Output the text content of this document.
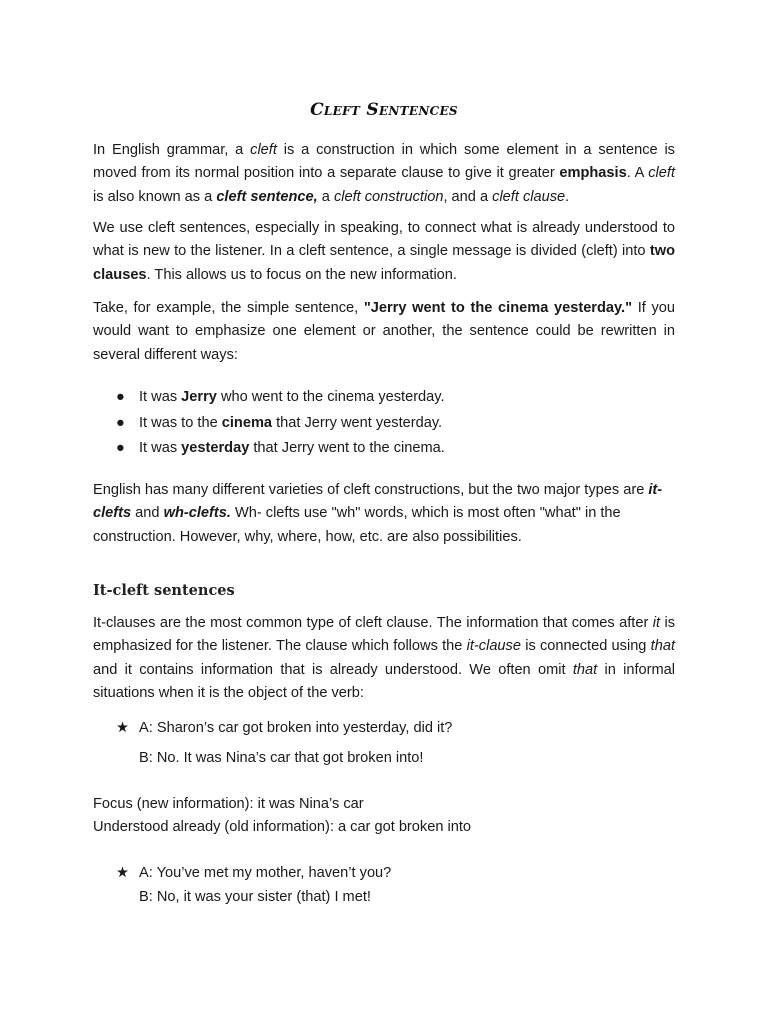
Cleft Sentences
In English grammar, a cleft is a construction in which some element in a sentence is moved from its normal position into a separate clause to give it greater emphasis. A cleft is also known as a cleft sentence, a cleft construction, and a cleft clause.
We use cleft sentences, especially in speaking, to connect what is already understood to what is new to the listener. In a cleft sentence, a single message is divided (cleft) into two clauses. This allows us to focus on the new information.
Take, for example, the simple sentence, "Jerry went to the cinema yesterday." If you would want to emphasize one element or another, the sentence could be rewritten in several different ways:
● It was Jerry who went to the cinema yesterday.
● It was to the cinema that Jerry went yesterday.
● It was yesterday that Jerry went to the cinema.
English has many different varieties of cleft constructions, but the two major types are it-clefts and wh-clefts. Wh- clefts use "wh" words, which is most often "what" in the construction. However, why, where, how, etc. are also possibilities.
It-cleft sentences
It-clauses are the most common type of cleft clause. The information that comes after it is emphasized for the listener. The clause which follows the it-clause is connected using that and it contains information that is already understood. We often omit that in informal situations when it is the object of the verb:
★ A: Sharon’s car got broken into yesterday, did it?
B: No. It was Nina’s car that got broken into!
Focus (new information): it was Nina’s car
Understood already (old information): a car got broken into
★ A: You’ve met my mother, haven’t you?
B: No, it was your sister (that) I met!
